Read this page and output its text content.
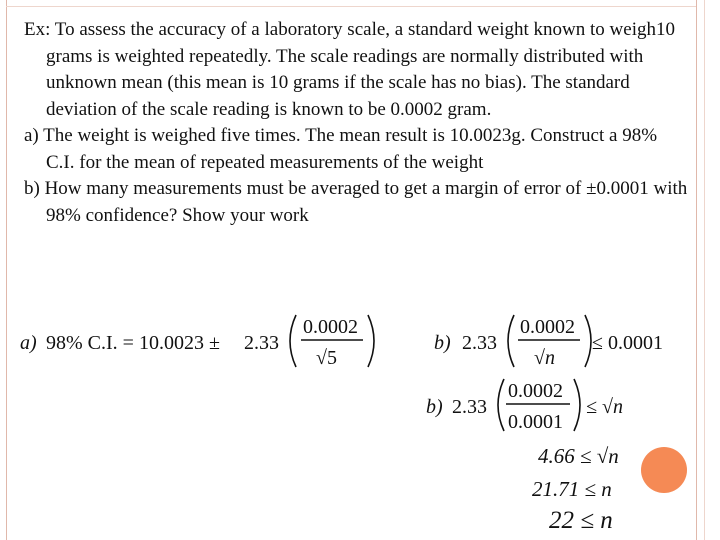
Ex: To assess the accuracy of a laboratory scale, a standard weight known to weigh10 grams is weighted repeatedly. The scale readings are normally distributed with unknown mean (this mean is 10 grams if the scale has no bias). The standard deviation of the scale reading is known to be 0.0002 gram.

a) The weight is weighed five times. The mean result is 10.0023g. Construct a 98% C.I. for the mean of repeated measurements of the weight

b) How many measurements must be averaged to get a margin of error of ±0.0001 with 98% confidence? Show your work

a) 98% C.I. = 10.0023 ± 2.33
0.0002
√5
b) 2.33
0.0002
√n
≤ 0.0001
b) 2.33
0.0002
0.0001
≤ √n
4.66 ≤ √n
21.71 ≤ n
22 ≤ n
